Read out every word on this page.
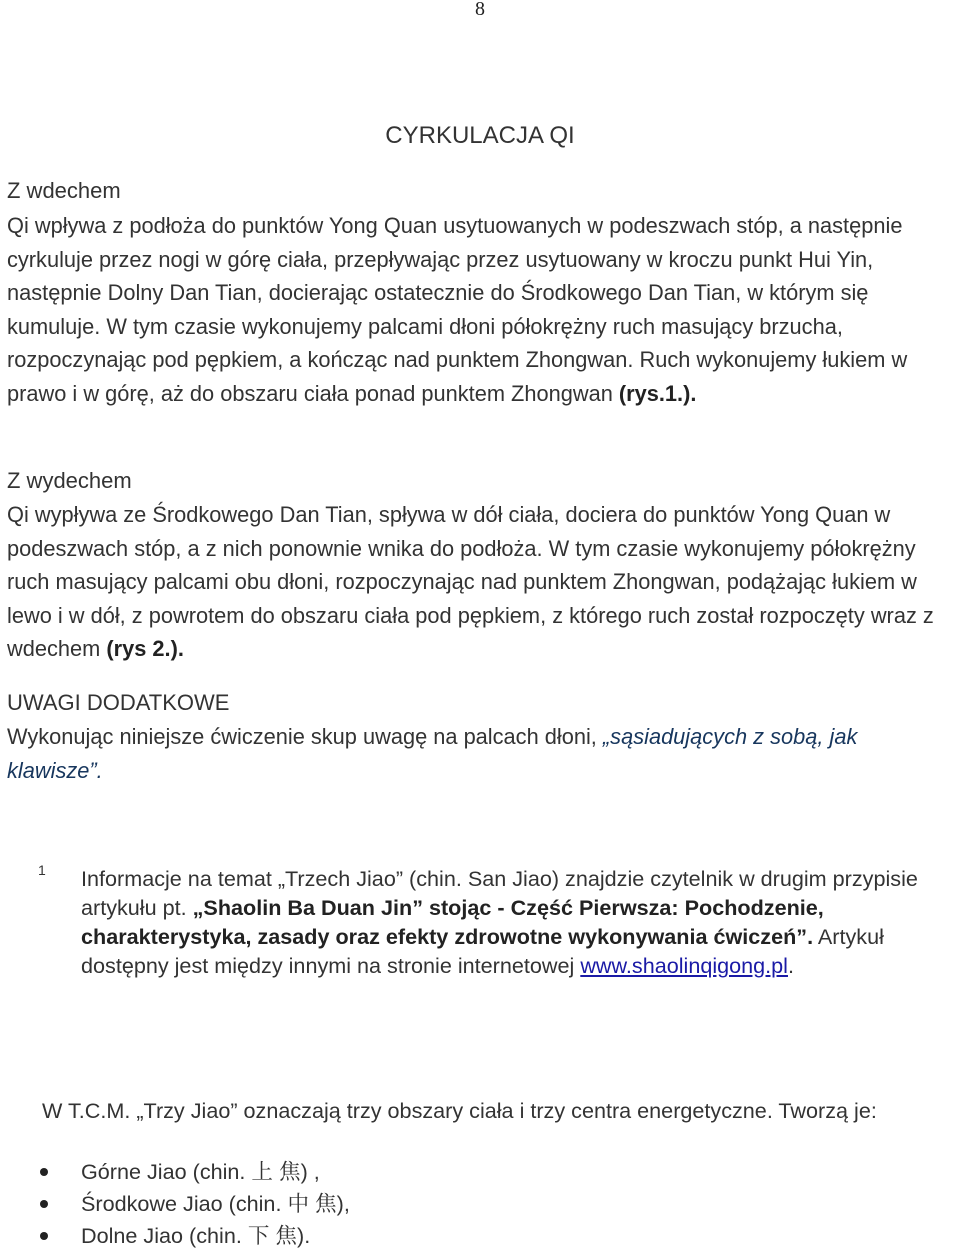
8
CYRKULACJA QI
Z wdechem

Qi wpływa z podłoża do punktów Yong Quan usytuowanych w podeszwach stóp, a następnie cyrkuluje przez nogi w górę ciała, przepływając przez usytuowany w kroczu punkt Hui Yin, następnie Dolny Dan Tian, docierając ostatecznie do Środkowego Dan Tian, w którym się kumuluje. W tym czasie wykonujemy palcami dłoni półokrężny ruch masujący brzucha, rozpoczynając pod pępkiem, a kończąc nad punktem Zhongwan. Ruch wykonujemy łukiem w prawo i w górę, aż do obszaru ciała ponad punktem Zhongwan (rys.1.).

Z wydechem

Qi wypływa ze Środkowego Dan Tian, spływa w dół ciała, dociera do punktów Yong Quan w podeszwach stóp, a z nich ponownie wnika do podłoża. W tym czasie wykonujemy półokrężny ruch masujący palcami obu dłoni, rozpoczynając nad punktem Zhongwan, podążając łukiem w lewo i w dół, z powrotem do obszaru ciała pod pępkiem, z którego ruch został rozpoczęty wraz z wdechem (rys 2.).

UWAGI DODATKOWE

Wykonując niniejsze ćwiczenie skup uwagę na palcach dłoni, „sąsiadujących z sobą, jak klawisze”.

1 Informacje na temat „Trzech Jiao” (chin. San Jiao) znajdzie czytelnik w drugim przypisie artykułu pt. „Shaolin Ba Duan Jin” stojąc - Część Pierwsza: Pochodzenie, charakterystyka, zasady oraz efekty zdrowotne wykonywania ćwiczeń”. Artykuł dostępny jest między innymi na stronie internetowej www.shaolinqigong.pl.

W T.C.M. „Trzy Jiao” oznaczają trzy obszary ciała i trzy centra energetyczne. Tworzą je:

Górne Jiao (chin. 上 焦) ,
Środkowe Jiao (chin. 中 焦),
Dolne Jiao (chin. 下 焦).
